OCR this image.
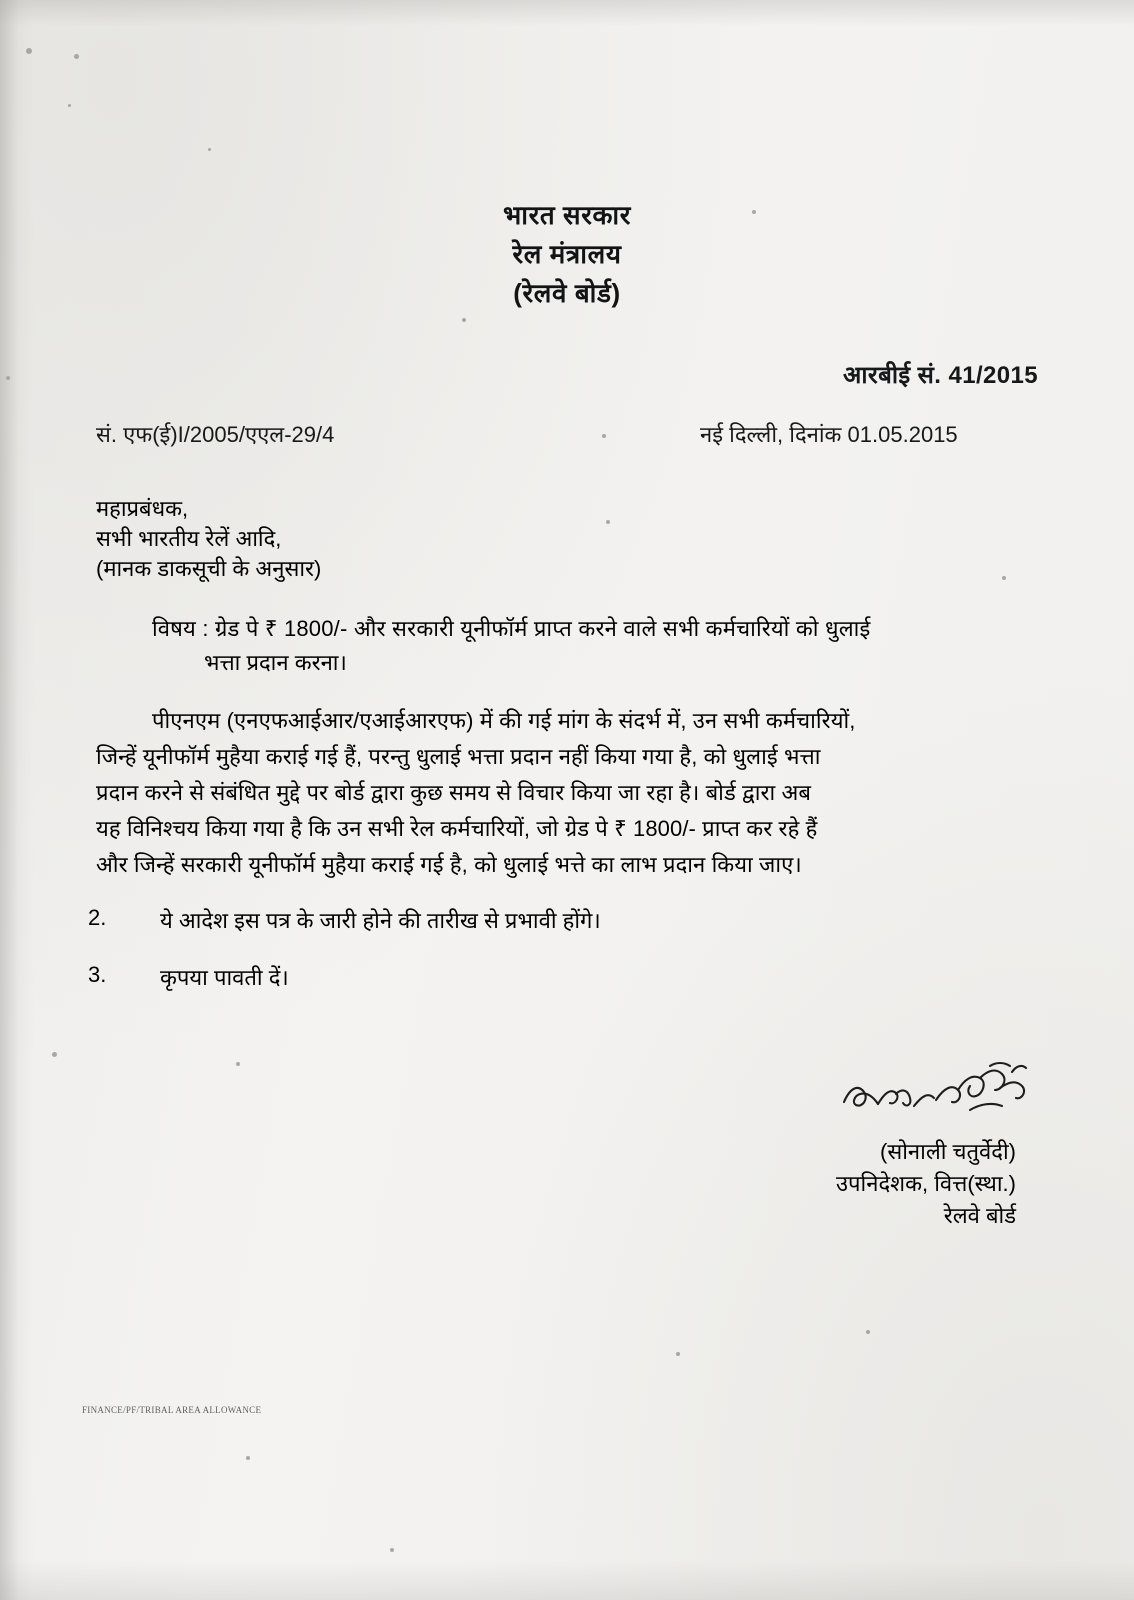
भारत सरकार
रेल मंत्रालय
(रेलवे बोर्ड)
आरबीई सं. 41/2015
सं. एफ(ई)I/2005/एएल-29/4	नई दिल्ली, दिनांक 01.05.2015
महाप्रबंधक,
सभी भारतीय रेलें आदि,
(मानक डाकसूची के अनुसार)
विषय : ग्रेड पे ₹ 1800/- और सरकारी यूनीफॉर्म प्राप्त करने वाले सभी कर्मचारियों को धुलाई
भत्ता प्रदान करना।
पीएनएम (एनएफआईआर/एआईआरएफ) में की गई मांग के संदर्भ में, उन सभी कर्मचारियों,
जिन्हें यूनीफॉर्म मुहैया कराई गई हैं, परन्तु धुलाई भत्ता प्रदान नहीं किया गया है, को धुलाई भत्ता
प्रदान करने से संबंधित मुद्दे पर बोर्ड द्वारा कुछ समय से विचार किया जा रहा है। बोर्ड द्वारा अब
यह विनिश्चय किया गया है कि उन सभी रेल कर्मचारियों, जो ग्रेड पे ₹ 1800/- प्राप्त कर रहे हैं
और जिन्हें सरकारी यूनीफॉर्म मुहैया कराई गई है, को धुलाई भत्ते का लाभ प्रदान किया जाए।
2. ये आदेश इस पत्र के जारी होने की तारीख से प्रभावी होंगे।
3. कृपया पावती दें।
(सोनाली चतुर्वेदी)
उपनिदेशक, वित्त(स्था.)
रेलवे बोर्ड
FINANCE/PF/TRIBAL AREA ALLOWANCE
